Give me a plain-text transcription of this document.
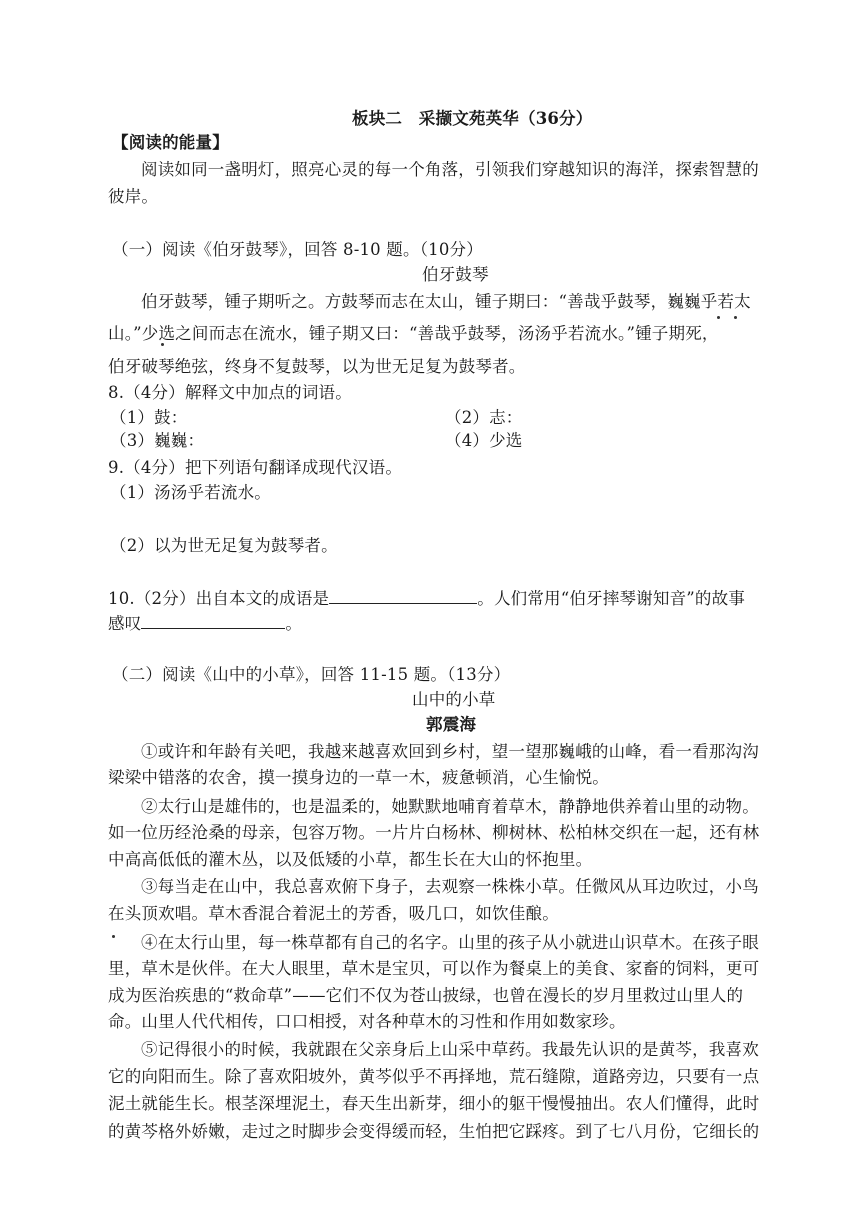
板块二　采撷文苑英华（36分）
【阅读的能量】
阅读如同一盏明灯，照亮心灵的每一个角落，引领我们穿越知识的海洋，探索智慧的
彼岸。
（一）阅读《伯牙鼓琴》，回答 8-10 题。（10分）
伯牙鼓琴
伯牙鼓琴，锺子期听之。方鼓琴而志在太山，锺子期曰：“善哉乎鼓琴，巍巍乎若太
山。”少选之间而志在流水，锺子期又曰：“善哉乎鼓琴，汤汤乎若流水。”锺子期死，
伯牙破琴绝弦，终身不复鼓琴，以为世无足复为鼓琴者。
8.（4分）解释文中加点的词语。
（1）鼓：	（2）志：
（3）巍巍：	（4）少选
9.（4分）把下列语句翻译成现代汉语。
（1）汤汤乎若流水。
（2）以为世无足复为鼓琴者。
10.（2分）出自本文的成语是	。人们常用“伯牙摔琴谢知音”的故事
感叹	。
（二）阅读《山中的小草》，回答 11-15 题。（13分）
山中的小草
郭震海
①或许和年龄有关吧，我越来越喜欢回到乡村，望一望那巍峨的山峰，看一看那沟沟
梁梁中错落的农舍，摸一摸身边的一草一木，疲惫顿消，心生愉悦。
②太行山是雄伟的，也是温柔的，她默默地哺育着草木，静静地供养着山里的动物。
如一位历经沧桑的母亲，包容万物。一片片白杨林、柳树林、松柏林交织在一起，还有林
中高高低低的灌木丛，以及低矮的小草，都生长在大山的怀抱里。
③每当走在山中，我总喜欢俯下身子，去观察一株株小草。任微风从耳边吹过，小鸟
在头顶欢唱。草木香混合着泥土的芳香，吸几口，如饮佳酿。
④在太行山里，每一株草都有自己的名字。山里的孩子从小就进山识草木。在孩子眼
里，草木是伙伴。在大人眼里，草木是宝贝，可以作为餐桌上的美食、家畜的饲料，更可
成为医治疾患的“救命草”——它们不仅为苍山披绿，也曾在漫长的岁月里救过山里人的
命。山里人代代相传，口口相授，对各种草木的习性和作用如数家珍。
⑤记得很小的时候，我就跟在父亲身后上山采中草药。我最先认识的是黄芩，我喜欢
它的向阳而生。除了喜欢阳坡外，黄芩似乎不再择地，荒石缝隙，道路旁边，只要有一点
泥土就能生长。根茎深埋泥土，春天生出新芽，细小的躯干慢慢抽出。农人们懂得，此时
的黄芩格外娇嫩，走过之时脚步会变得缓而轻，生怕把它踩疼。到了七八月份，它细长的
